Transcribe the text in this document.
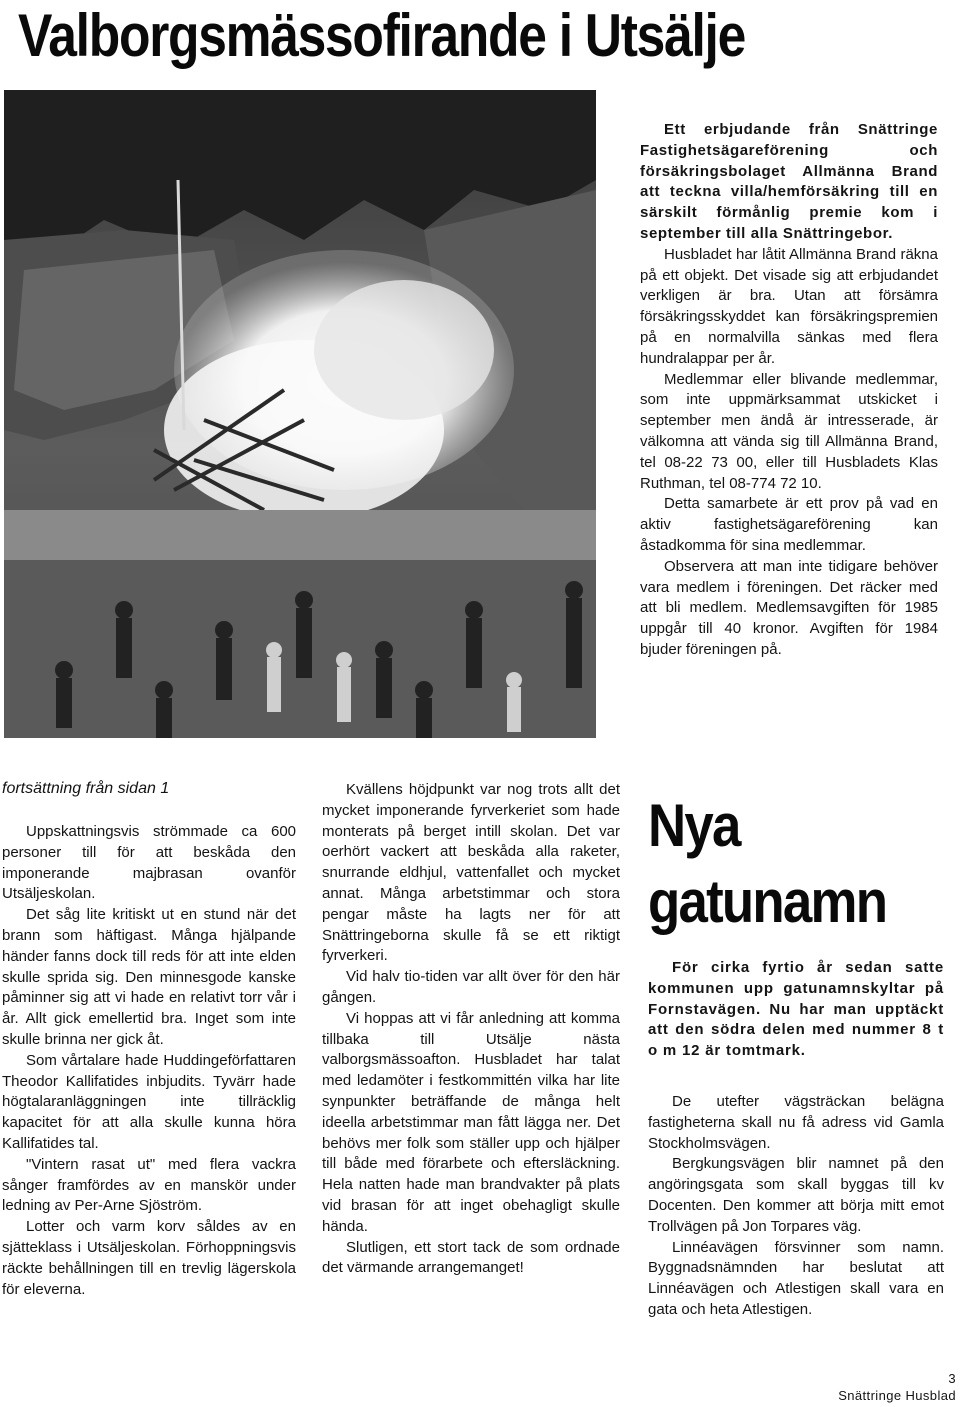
Valborgsmässofirande i Utsälje

Ett erbjudande från Snättringe Fastighetsägareförening och försäkringsbolaget Allmänna Brand att teckna villa/hemförsäkring till en särskilt förmånlig premie kom i september till alla Snättringebor.

Husbladet har låtit Allmänna Brand räkna på ett objekt. Det visade sig att erbjudandet verkligen är bra. Utan att försämra försäkringsskyddet kan försäkringspremien på en normalvilla sänkas med flera hundralappar per år.

Medlemmar eller blivande medlemmar, som inte uppmärksammat utskicket i september men ändå är intresserade, är välkomna att vända sig till Allmänna Brand, tel 08-22 73 00, eller till Husbladets Klas Ruthman, tel 08-774 72 10.

Detta samarbete är ett prov på vad en aktiv fastighetsägareförening kan åstadkomma för sina medlemmar.

Observera att man inte tidigare behöver vara medlem i föreningen. Det räcker med att bli medlem. Medlemsavgiften för 1985 uppgår till 40 kronor. Avgiften för 1984 bjuder föreningen på.

fortsättning från sidan 1

Uppskattningsvis strömmade ca 600 personer till för att beskåda den imponerande majbrasan ovanför Utsäljeskolan.

Det såg lite kritiskt ut en stund när det brann som häftigast. Många hjälpande händer fanns dock till reds för att inte elden skulle sprida sig. Den minnesgode kanske påminner sig att vi hade en relativt torr vår i år. Allt gick emellertid bra. Inget som inte skulle brinna ner gick åt.

Som vårtalare hade Huddingeförfattaren Theodor Kallifatides inbjudits. Tyvärr hade högtalaranläggningen inte tillräcklig kapacitet för att alla skulle kunna höra Kallifatides tal.

"Vintern rasat ut" med flera vackra sånger framfördes av en manskör under ledning av Per-Arne Sjöström.

Lotter och varm korv såldes av en sjätteklass i Utsäljeskolan. Förhoppningsvis räckte behållningen till en trevlig lägerskola för eleverna.

Kvällens höjdpunkt var nog trots allt det mycket imponerande fyrverkeriet som hade monterats på berget intill skolan. Det var oerhört vackert att beskåda alla raketer, snurrande eldhjul, vattenfallet och mycket annat. Många arbetstimmar och stora pengar måste ha lagts ner för att Snättringeborna skulle få se ett riktigt fyrverkeri.

Vid halv tio-tiden var allt över för den här gången.

Vi hoppas att vi får anledning att komma tillbaka till Utsälje nästa valborgsmässoafton. Husbladet har talat med ledamöter i festkommittén vilka har lite synpunkter beträffande de många helt ideella arbetstimmar man fått lägga ner. Det behövs mer folk som ställer upp och hjälper till både med förarbete och eftersläckning. Hela natten hade man brandvakter på plats vid brasan för att inget obehagligt skulle hända.

Slutligen, ett stort tack de som ordnade det värmande arrangemanget!

Nya
gatunamn
För cirka fyrtio år sedan satte kommunen upp gatunamnskyltar på Fornstavägen. Nu har man upptäckt att den södra delen med nummer 8 t o m 12 är tomtmark.

De utefter vägsträckan belägna fastigheterna skall nu få adress vid Gamla Stockholmsvägen.

Bergkungsvägen blir namnet på den angöringsgata som skall byggas till kv Docenten. Den kommer att börja mitt emot Trollvägen på Jon Torpares väg.

Linnéavägen försvinner som namn. Byggnadsnämnden har beslutat att Linnéavägen och Atlestigen skall vara en gata och heta Atlestigen.

3
Snättringe Husblad
